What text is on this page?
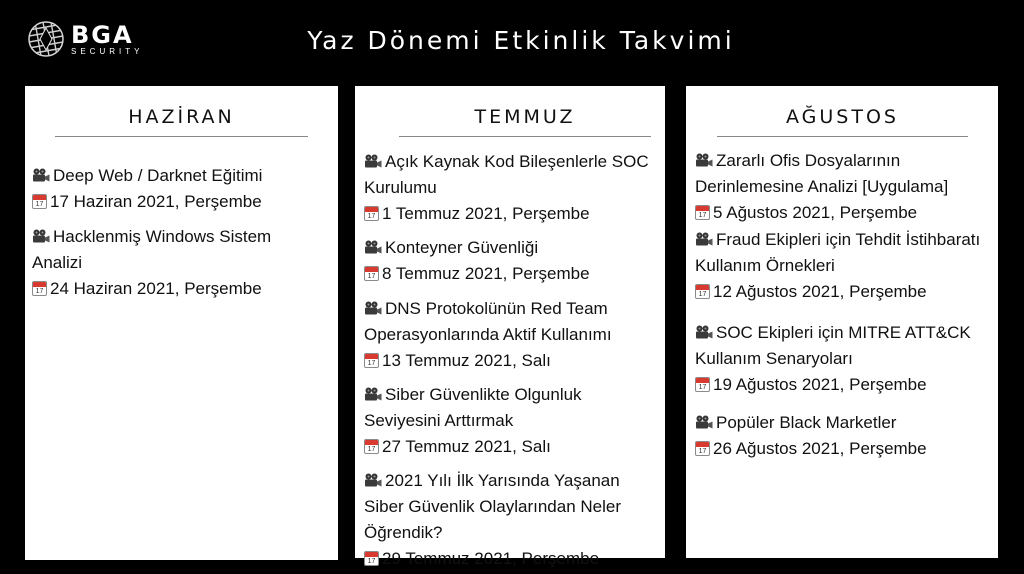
BGA
SECURITY	Yaz Dönemi Etkinlik Takvimi
HAZİRAN
Deep Web / Darknet Eğitimi
17 17 Haziran 2021, Perşembe
Hacklenmiş Windows Sistem Analizi
17 24 Haziran 2021, Perşembe
TEMMUZ
Açık Kaynak Kod Bileşenlerle SOC Kurulumu
17 1 Temmuz 2021, Perşembe
Konteyner Güvenliği
17 8 Temmuz 2021, Perşembe
DNS Protokolünün Red Team Operasyonlarında Aktif Kullanımı
17 13 Temmuz 2021, Salı
Siber Güvenlikte Olgunluk Seviyesini Arttırmak
17 27 Temmuz 2021, Salı
2021 Yılı İlk Yarısında Yaşanan Siber Güvenlik Olaylarından Neler Öğrendik?
17 29 Temmuz 2021, Perşembe
AĞUSTOS
Zararlı Ofis Dosyalarının Derinlemesine Analizi [Uygulama]
17 5 Ağustos 2021, Perşembe
Fraud Ekipleri için Tehdit İstihbaratı Kullanım Örnekleri
17 12 Ağustos 2021, Perşembe
SOC Ekipleri için MITRE ATT&CK Kullanım Senaryoları
17 19 Ağustos 2021, Perşembe
Popüler Black Marketler
17 26 Ağustos 2021, Perşembe
